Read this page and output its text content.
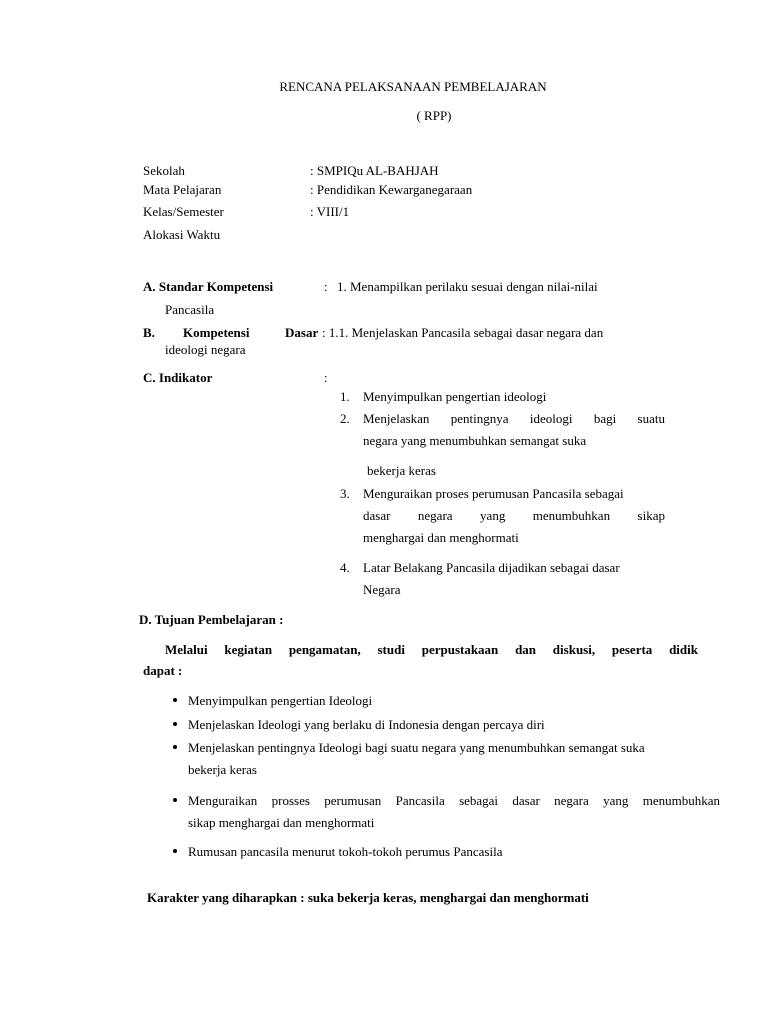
RENCANA PELAKSANAAN PEMBELAJARAN
( RPP)
Sekolah	: SMPIQu AL-BAHJAH
Mata Pelajaran	: Pendidikan Kewarganegaraan
Kelas/Semester	: VIII/1
Alokasi Waktu
A. Standar Kompetensi	: 1. Menampilkan perilaku sesuai dengan nilai-nilai
Pancasila
B. Kompetensi	Dasar : 1.1. Menjelaskan Pancasila sebagai dasar negara dan
ideologi negara
C. Indikator	:
1. Menyimpulkan pengertian ideologi
2. Menjelaskan pentingnya ideologi bagi suatu
negara yang menumbuhkan semangat suka
bekerja keras
3. Menguraikan proses perumusan Pancasila sebagai
dasar negara yang menumbuhkan sikap
menghargai dan menghormati
4. Latar Belakang Pancasila dijadikan sebagai dasar
Negara
D. Tujuan Pembelajaran :
Melalui kegiatan pengamatan, studi perpustakaan dan diskusi, peserta didik
dapat :
Menyimpulkan pengertian Ideologi
Menjelaskan Ideologi yang berlaku di Indonesia dengan percaya diri
Menjelaskan pentingnya Ideologi bagi suatu negara yang menumbuhkan semangat suka
bekerja keras
Menguraikan prosses perumusan Pancasila sebagai dasar negara yang menumbuhkan
sikap menghargai dan menghormati
Rumusan pancasila menurut tokoh-tokoh perumus Pancasila
Karakter yang diharapkan : suka bekerja keras, menghargai dan menghormati
